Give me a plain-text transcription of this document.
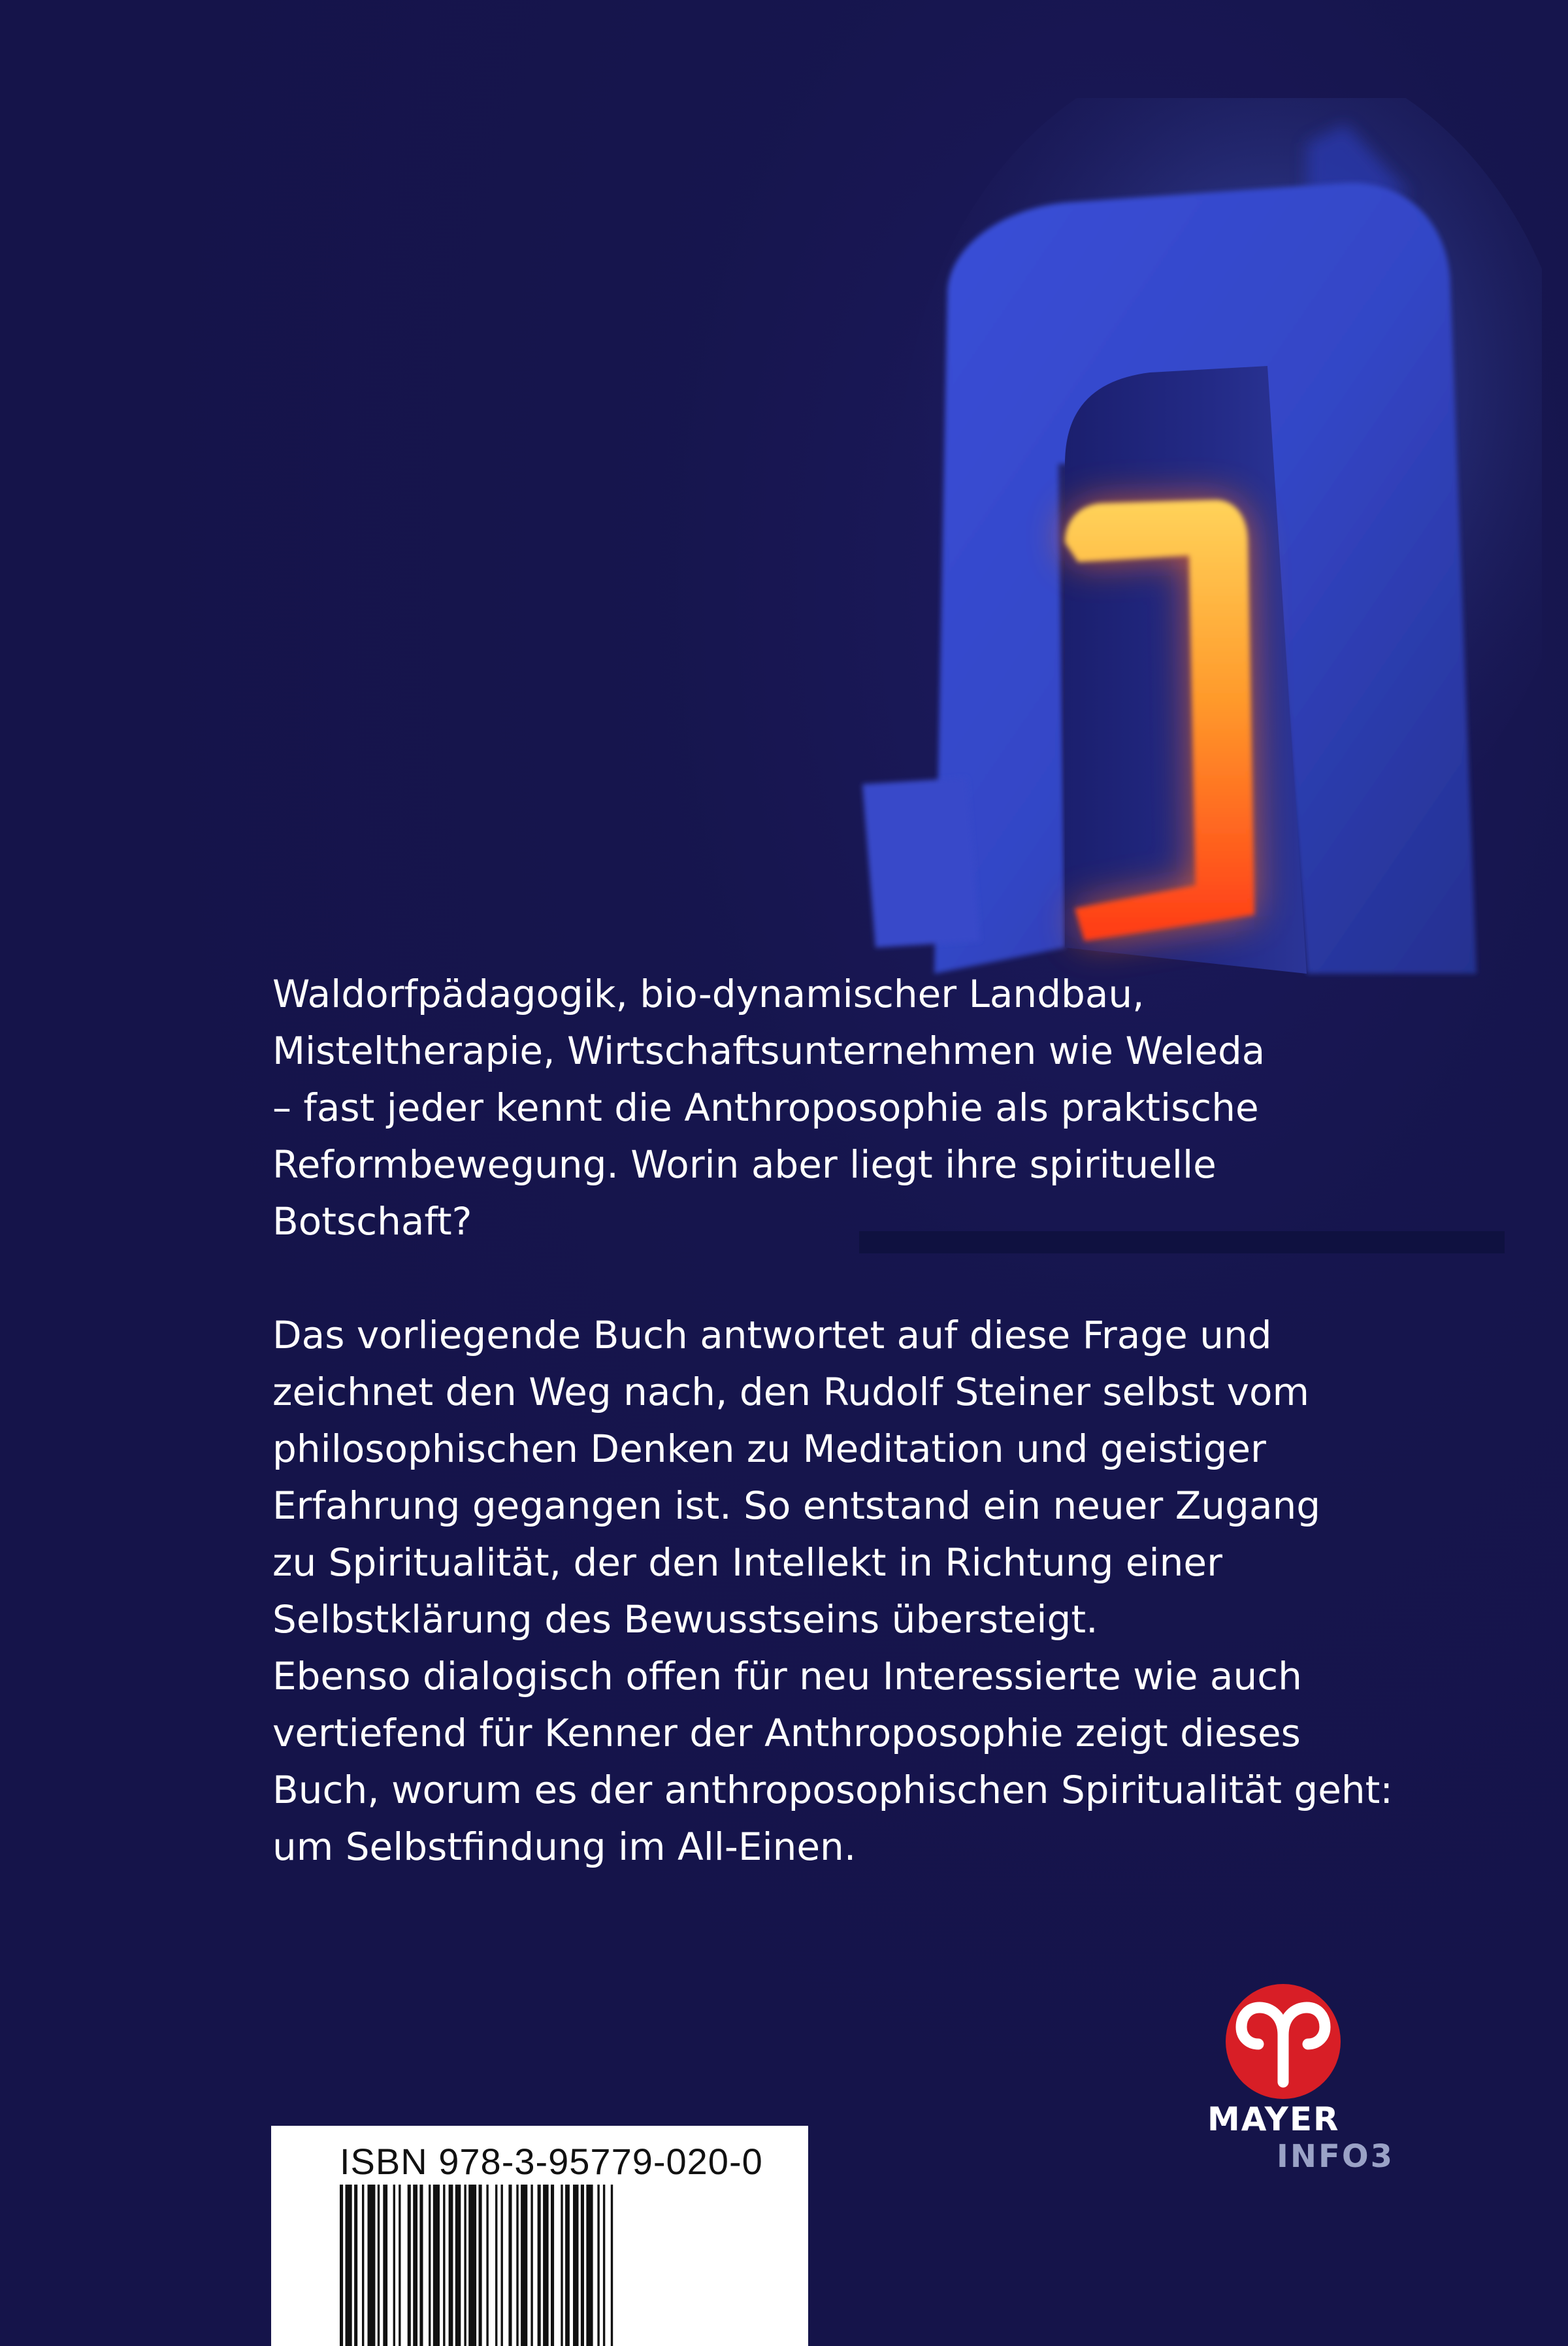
Waldorfpädagogik, bio-dynamischer Landbau,
Misteltherapie, Wirtschaftsunternehmen wie Weleda
– fast jeder kennt die Anthroposophie als praktische
Reformbewegung. Worin aber liegt ihre spirituelle
Botschaft?

Das vorliegende Buch antwortet auf diese Frage und
zeichnet den Weg nach, den Rudolf Steiner selbst vom
philosophischen Denken zu Meditation und geistiger
Erfahrung gegangen ist. So entstand ein neuer Zugang
zu Spiritualität, der den Intellekt in Richtung einer
Selbstklärung des Bewusstseins übersteigt.
Ebenso dialogisch offen für neu Interessierte wie auch
vertiefend für Kenner der Anthroposophie zeigt dieses
Buch, worum es der anthroposophischen Spiritualität geht:
um Selbstfindung im All-Einen.

MAYER
INFO3
ISBN 978-3-95779-020-0
